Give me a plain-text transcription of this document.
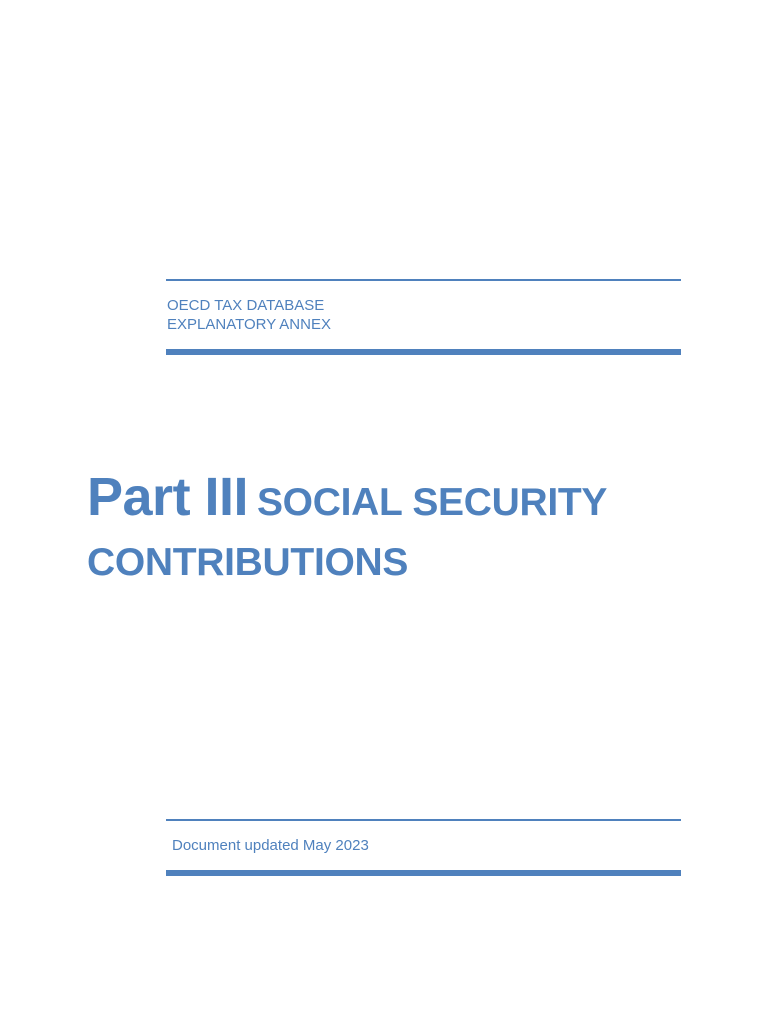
OECD TAX DATABASE
EXPLANATORY ANNEX
Part III SOCIAL SECURITY
CONTRIBUTIONS
Document updated May 2023
